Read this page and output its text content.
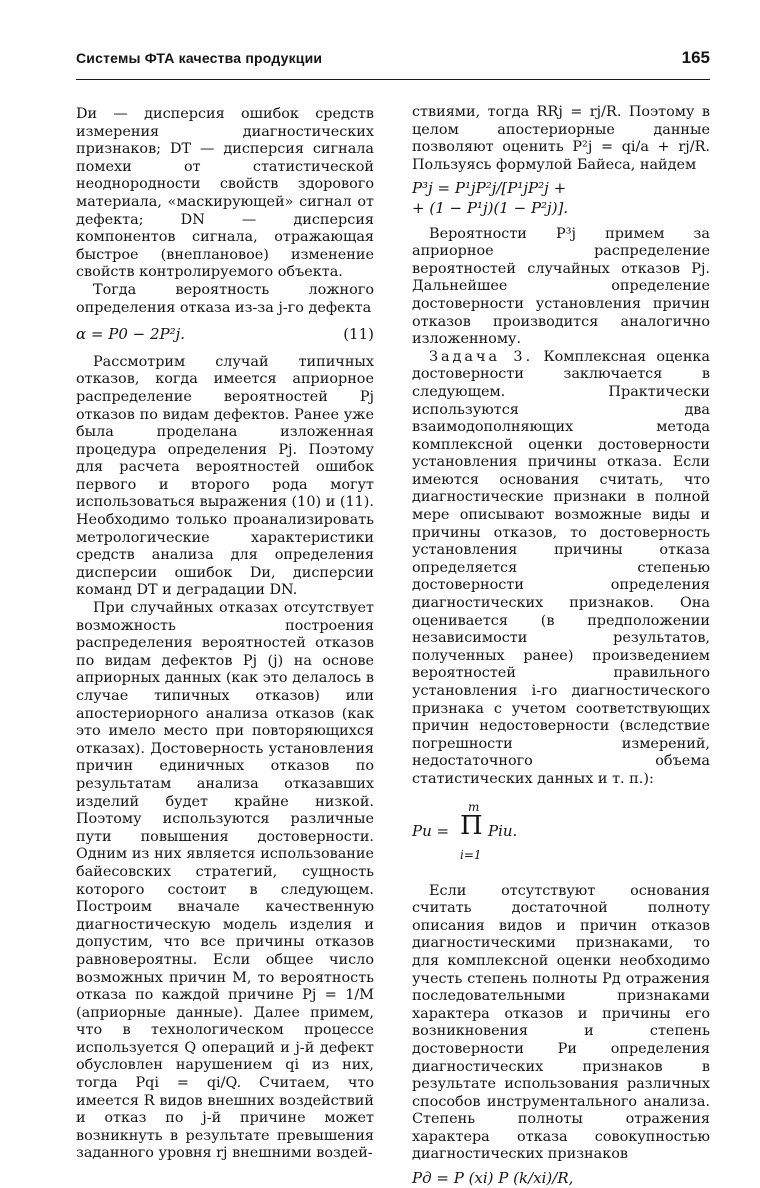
Системы ФТА качества продукции	165

Dи — дисперсия ошибок средств измерения диагностических признаков; DТ — дисперсия сигнала помехи от статистической неоднородности свойств здорового материала, «маскирующей» сигнал от дефекта; DN — дисперсия компонентов сигнала, отражающая быстрое (внеплановое) изменение свойств контролируемого объекта.

Тогда вероятность ложного определения отказа из-за j-го дефекта

α = P0 − 2P²j.	(11)

Рассмотрим случай типичных отказов, когда имеется априорное распределение вероятностей Pj отказов по видам дефектов. Ранее уже была проделана изложенная процедура определения Pj. Поэтому для расчета вероятностей ошибок первого и второго рода могут использоваться выражения (10) и (11). Необходимо только проанализировать метрологические характеристики средств анализа для определения дисперсии ошибок Dи, дисперсии команд DТ и деградации DN.

При случайных отказах отсутствует возможность построения распределения вероятностей отказов по видам дефектов Pj (j) на основе априорных данных (как это делалось в случае типичных отказов) или апостериорного анализа отказов (как это имело место при повторяющихся отказах). Достоверность установления причин единичных отказов по результатам анализа отказавших изделий будет крайне низкой. Поэтому используются различные пути повышения достоверности. Одним из них является использование байесовских стратегий, сущность которого состоит в следующем. Построим вначале качественную диагностическую модель изделия и допустим, что все причины отказов равновероятны. Если общее число возможных причин M, то вероятность отказа по каждой причине Pj = 1/M (априорные данные). Далее примем, что в технологическом процессе используется Q операций и j-й дефект обусловлен нарушением qi из них, тогда Pqi = qi/Q. Считаем, что имеется R видов внешних воздействий и отказ по j-й причине может возникнуть в результате превышения заданного уровня rj внешними воздей-

ствиями, тогда RRj = rj/R. Поэтому в целом апостериорные данные позволяют оценить P²j = qi/a + rj/R. Пользуясь формулой Байеса, найдем

P³j = P¹jP²j/[P¹jP²j +
+ (1 − P¹j)(1 − P²j)].

Вероятности P³j примем за априорное распределение вероятностей случайных отказов Pj. Дальнейшее определение достоверности установления причин отказов производится аналогично изложенному.

Задача 3. Комплексная оценка достоверности заключается в следующем. Практически используются два взаимодополняющих метода комплексной оценки достоверности установления причины отказа. Если имеются основания считать, что диагностические признаки в полной мере описывают возможные виды и причины отказов, то достоверность установления причины отказа определяется степенью достоверности определения диагностических признаков. Она оценивается (в предположении независимости результатов, полученных ранее) произведением вероятностей правильного установления i-го диагностического признака с учетом соответствующих причин недостоверности (вследствие погрешности измерений, недостаточного объема статистических данных и т. п.):

Pи =
m
Π
i=1
Piи.

Если отсутствуют основания считать достаточной полноту описания видов и причин отказов диагностическими признаками, то для комплексной оценки необходимо учесть степень полноты Pд отражения последовательными признаками характера отказов и причины его возникновения и степень достоверности Pи определения диагностических признаков в результате использования различных способов инструментального анализа. Степень полноты отражения характера отказа совокупностью диагностических признаков

Pд = P (xi) P (k/xi)/R,
